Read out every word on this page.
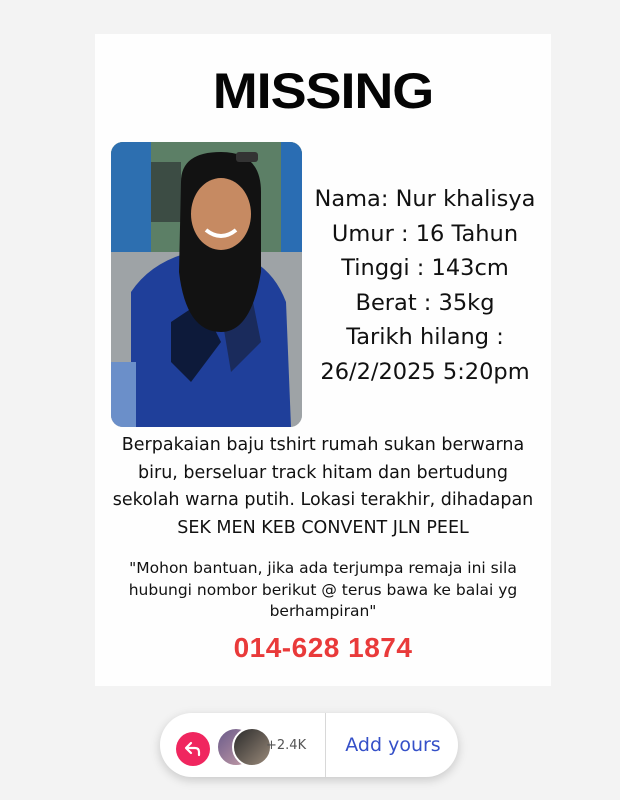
MISSING
Nama: Nur khalisya
Umur : 16 Tahun
Tinggi : 143cm
Berat : 35kg
Tarikh hilang :
26/2/2025 5:20pm
Berpakaian baju tshirt rumah sukan berwarna
biru, berseluar track hitam dan bertudung
sekolah warna putih. Lokasi terakhir, dihadapan
SEK MEN KEB CONVENT JLN PEEL
"Mohon bantuan, jika ada terjumpa remaja ini sila
hubungi nombor berikut @ terus bawa ke balai yg
berhampiran"
014-628 1874
+2.4K	Add yours
